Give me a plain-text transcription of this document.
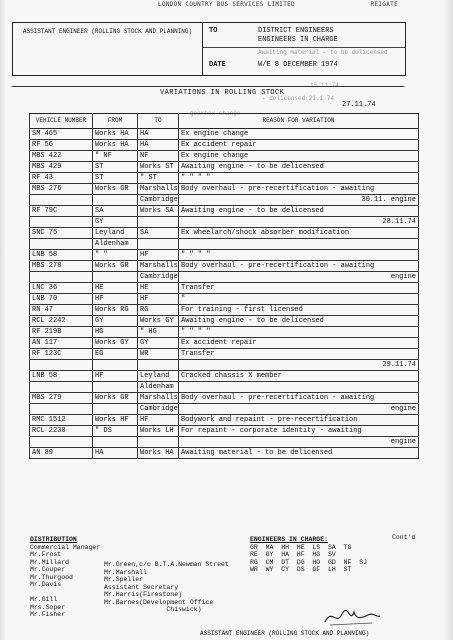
LONDON COUNTRY BUS SERVICES LIMITED	REIGATE
ASSISTANT ENGINEER (ROLLING STOCK AND PLANNING)	TO	DISTRICT ENGINEERS
ENGINEERS IN CHARGE
Awaiting material - to be delicensed
DATE	W/E 8 DECEMBER 1974
15.11.74
VARIATIONS IN ROLLING STOCK
- delicensed 21.1.74
27.11.74
gearbox change
VEHICLE NUMBER	FROM	TO	REASON FOR VARIATION
SM 465	Works HA	HA	Ex engine change
RF 56	Works HA	HA	Ex accident repair
MBS 422	" NF	NF	Ex engine change
MBS 429	ST	Works ST	Awaiting engine - to be delicensed
RF 43	ST	" ST	" " " "
MBS 276	Works GR	Marshalls	Body overhaul - pre-recertification - awaiting
		Cambridge	30.11. engine
RF 79C	SA	Works SA	Awaiting engine - to be delicensed
	GY		28.11.74
SNC 75	Leyland	SA	Ex wheelarch/shock absorber modification
	Aldenham		
LNB 58	" "	HF	" " " "
MBS 278	Works GR	Marshalls	Body overhaul - pre-recertification - awaiting
		Cambridge	engine
LNC 36	HE	HE	Transfer
LNB 70	HF	HF	"
RN 47	Works RG	RG	For training - first licensed
RCL 2242	GY	Works GY	Awaiting engine - to be delicensed
RF 219B	HG	" HG	" " " "
AN 117	Works GY	GY	Ex accident repair
RF 123C	EG	WR	Transfer
			29.11.74
LNB 58	HF	Leyland	Cracked chassis X member
		Aldenham	
MBS 279	Works GR	Marshalls	Body overhaul - pre-recertification - awaiting
		Cambridge	engine
RMC 1512	Works HF	HF	Bodywork and repaint - pre-recertification
RCL 2230	" DS	Works LH	For repaint - corporate identity - awaiting
			engine
AN 89	HA	Works HA	Awaiting material - to be delicensed
DISTRIBUTION
Commercial Manager
Mr.Frost
Mr.Millard
Mr.Couper
Mr.Thurgood
Mr.Davis
Mr.Gill
Mrs.Soper
Mr.Fisher
Mr.Green,c/o B.T.A.Newman Street
Mr.Marshall
Mr.Speller
Assistant Secretary
Mr.Harris(Firestone)
Mr.Barnes(Development Office
Chiswick)
ENGINEERS IN CHARGE:
GR  MA  HH  HE  LS  SA  TG
RE  GY  HA  HF  HG  SV
RG  CM  DT  DG  HO  GD  NF  SJ
WR  WY  CY  DS  GF  LH  ST
Cont'd
ASSISTANT ENGINEER (ROLLING STOCK AND PLANNING)
